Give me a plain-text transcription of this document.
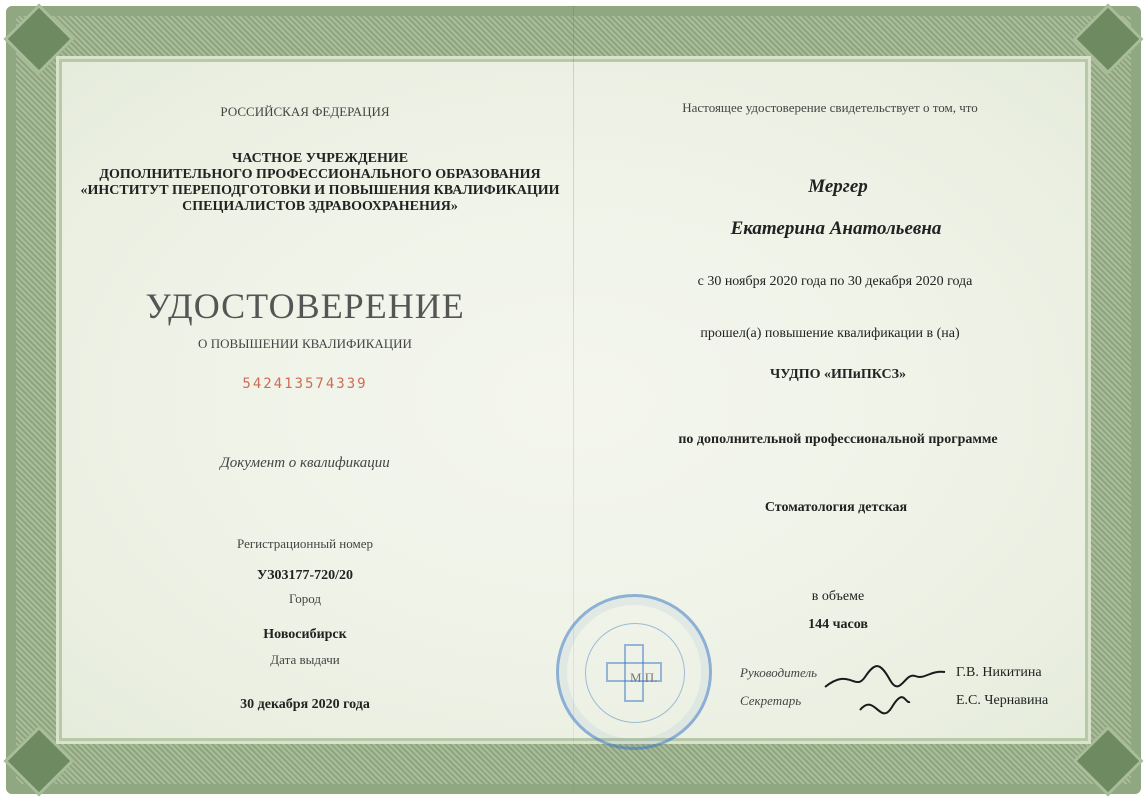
РОССИЙСКАЯ ФЕДЕРАЦИЯ
ЧАСТНОЕ УЧРЕЖДЕНИЕ
ДОПОЛНИТЕЛЬНОГО ПРОФЕССИОНАЛЬНОГО ОБРАЗОВАНИЯ
«ИНСТИТУТ ПЕРЕПОДГОТОВКИ И ПОВЫШЕНИЯ КВАЛИФИКАЦИИ
СПЕЦИАЛИСТОВ ЗДРАВООХРАНЕНИЯ»
УДОСТОВЕРЕНИЕ
О ПОВЫШЕНИИ КВАЛИФИКАЦИИ
542413574339
Документ о квалификации
Регистрационный номер
УЗ03177-720/20
Город
Новосибирск
Дата выдачи
30 декабря 2020 года
Настоящее удостоверение свидетельствует о том, что
Мергер
Екатерина Анатольевна
с 30 ноября 2020 года по 30 декабря 2020 года
прошел(а) повышение квалификации в (на)
ЧУДПО «ИПиПКСЗ»
по дополнительной профессиональной программе
Стоматология детская
в объеме
144 часов
Руководитель	Г.В. Никитина
Секретарь	Е.С. Чернавина
М.П.
